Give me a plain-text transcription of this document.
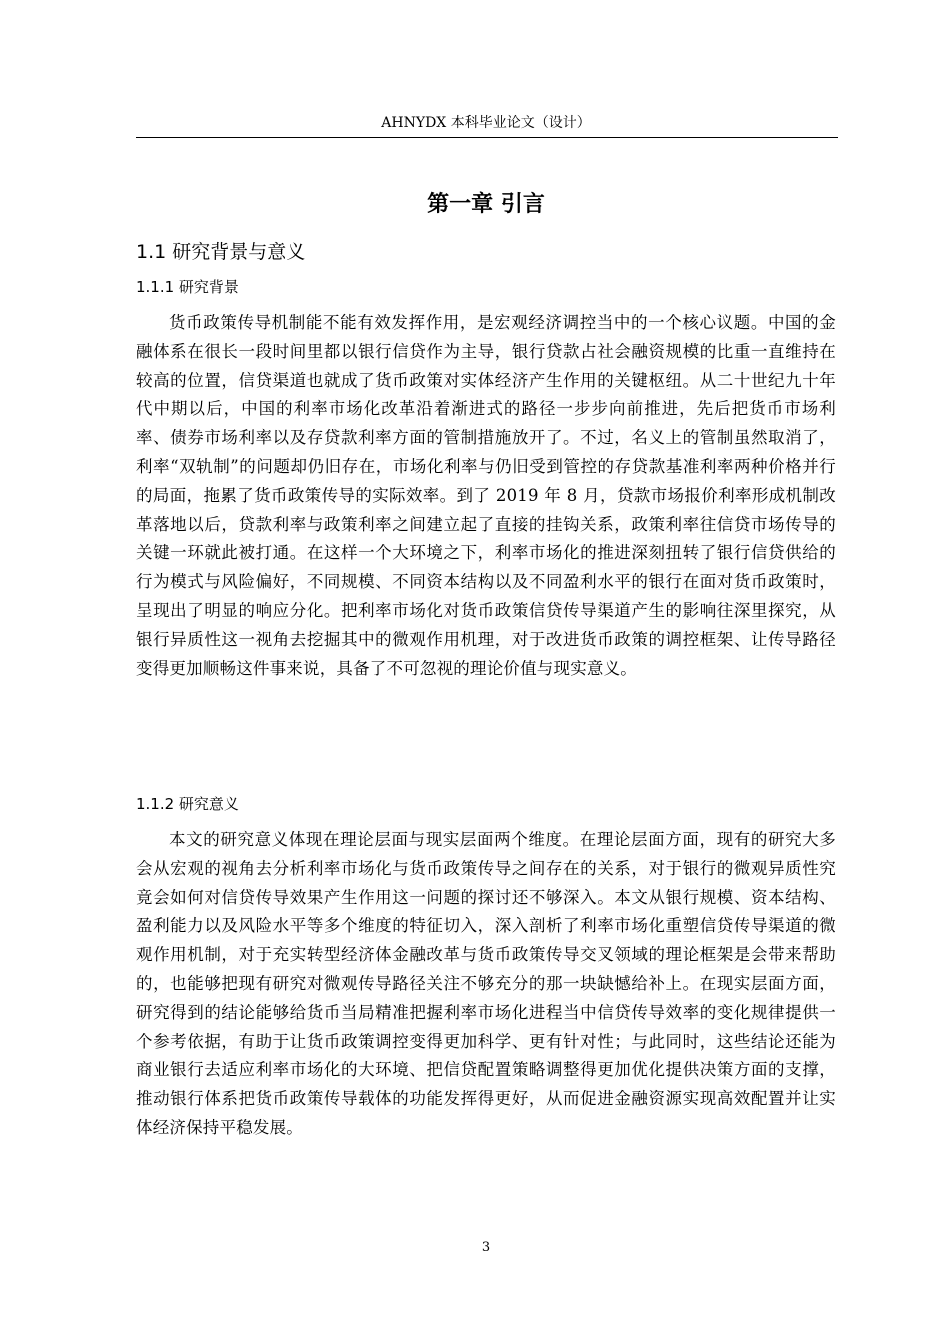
AHNYDX 本科毕业论文（设计）
第一章 引言
1.1 研究背景与意义
1.1.1 研究背景

货币政策传导机制能不能有效发挥作用，是宏观经济调控当中的一个核心议题。中国的金融体系在很长一段时间里都以银行信贷作为主导，银行贷款占社会融资规模的比重一直维持在较高的位置，信贷渠道也就成了货币政策对实体经济产生作用的关键枢纽。从二十世纪九十年代中期以后，中国的利率市场化改革沿着渐进式的路径一步步向前推进，先后把货币市场利率、债券市场利率以及存贷款利率方面的管制措施放开了。不过，名义上的管制虽然取消了，利率“双轨制”的问题却仍旧存在，市场化利率与仍旧受到管控的存贷款基准利率两种价格并行的局面，拖累了货币政策传导的实际效率。到了 2019 年 8 月，贷款市场报价利率形成机制改革落地以后，贷款利率与政策利率之间建立起了直接的挂钩关系，政策利率往信贷市场传导的关键一环就此被打通。在这样一个大环境之下，利率市场化的推进深刻扭转了银行信贷供给的行为模式与风险偏好，不同规模、不同资本结构以及不同盈利水平的银行在面对货币政策时，呈现出了明显的响应分化。把利率市场化对货币政策信贷传导渠道产生的影响往深里探究，从银行异质性这一视角去挖掘其中的微观作用机理，对于改进货币政策的调控框架、让传导路径变得更加顺畅这件事来说，具备了不可忽视的理论价值与现实意义。

1.1.2 研究意义

本文的研究意义体现在理论层面与现实层面两个维度。在理论层面方面，现有的研究大多会从宏观的视角去分析利率市场化与货币政策传导之间存在的关系，对于银行的微观异质性究竟会如何对信贷传导效果产生作用这一问题的探讨还不够深入。本文从银行规模、资本结构、盈利能力以及风险水平等多个维度的特征切入，深入剖析了利率市场化重塑信贷传导渠道的微观作用机制，对于充实转型经济体金融改革与货币政策传导交叉领域的理论框架是会带来帮助的，也能够把现有研究对微观传导路径关注不够充分的那一块缺憾给补上。在现实层面方面，研究得到的结论能够给货币当局精准把握利率市场化进程当中信贷传导效率的变化规律提供一个参考依据，有助于让货币政策调控变得更加科学、更有针对性；与此同时，这些结论还能为商业银行去适应利率市场化的大环境、把信贷配置策略调整得更加优化提供决策方面的支撑，推动银行体系把货币政策传导载体的功能发挥得更好，从而促进金融资源实现高效配置并让实体经济保持平稳发展。

3
